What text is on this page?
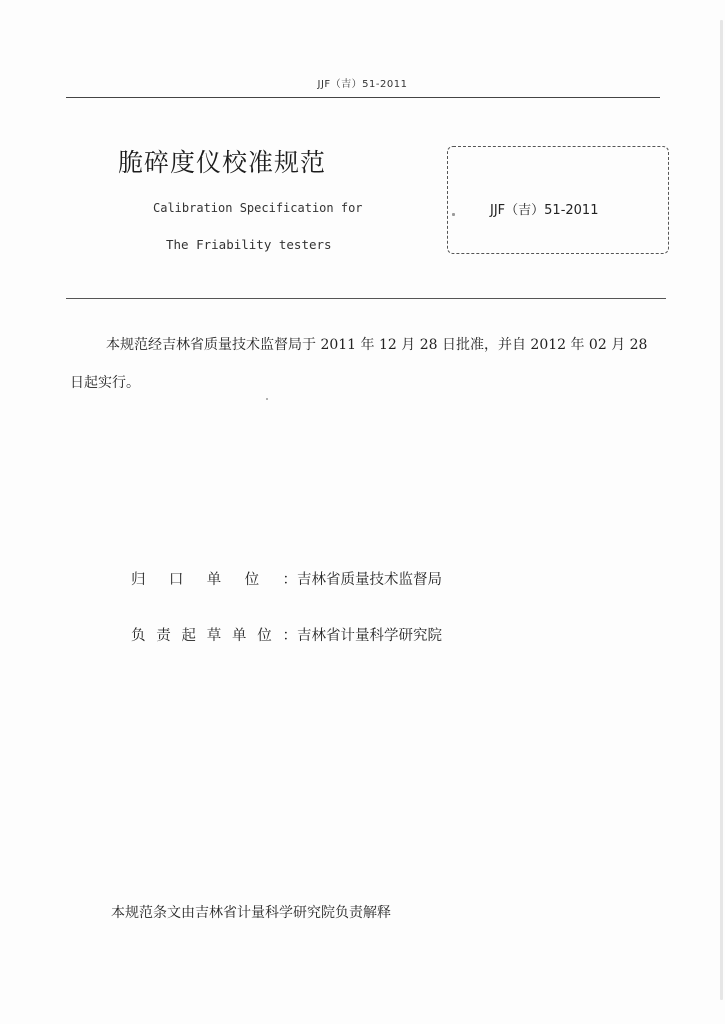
JJF（吉）51-2011
脆碎度仪校准规范
Calibration Specification for
The Friability testers
JJF（吉）51-2011
本规范经吉林省质量技术监督局于 2011 年 12 月 28 日批准，并自 2012 年 02 月 28 日起实行。
归 口 单 位 ： 吉林省质量技术监督局
负 责 起 草 单 位 ： 吉林省计量科学研究院
本规范条文由吉林省计量科学研究院负责解释
